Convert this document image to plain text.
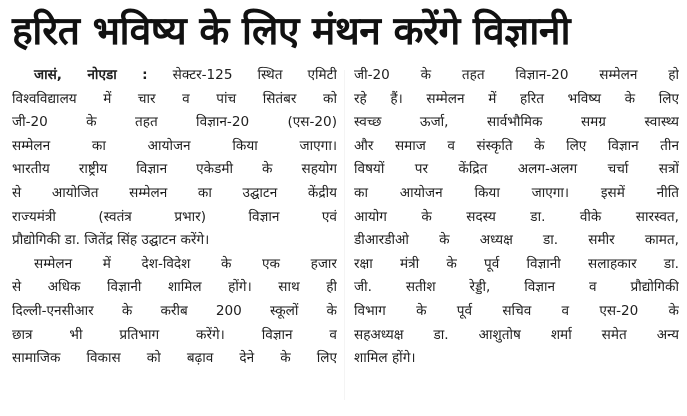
हरित भविष्य के लिए मंथन करेंगे विज्ञानी
जासं, नोएडा : सेक्टर-125 स्थित एमिटी
विश्वविद्यालय में चार व पांच सितंबर को
जी-20 के तहत विज्ञान-20 (एस-20)
सम्मेलन का आयोजन किया जाएगा।
भारतीय राष्ट्रीय विज्ञान एकेडमी के सहयोग
से आयोजित सम्मेलन का उद्घाटन केंद्रीय
राज्यमंत्री (स्वतंत्र प्रभार) विज्ञान एवं
प्रौद्योगिकी डा. जितेंद्र सिंह उद्घाटन करेंगे।
सम्मेलन में देश-विदेश के एक हजार
से अधिक विज्ञानी शामिल होंगे। साथ ही
दिल्ली-एनसीआर के करीब 200 स्कूलों के
छात्र भी प्रतिभाग करेंगे। विज्ञान व
सामाजिक विकास को बढ़ाव देने के लिए
जी-20 के तहत विज्ञान-20 सम्मेलन हो
रहे हैं। सम्मेलन में हरित भविष्य के लिए
स्वच्छ ऊर्जा, सार्वभौमिक समग्र स्वास्थ्य
और समाज व संस्कृति के लिए विज्ञान तीन
विषयों पर केंद्रित अलग-अलग चर्चा सत्रों
का आयोजन किया जाएगा। इसमें नीति
आयोग के सदस्य डा. वीके सारस्वत,
डीआरडीओ के अध्यक्ष डा. समीर कामत,
रक्षा मंत्री के पूर्व विज्ञानी सलाहकार डा.
जी. सतीश रेड्डी, विज्ञान व प्रौद्योगिकी
विभाग के पूर्व सचिव व एस-20 के
सहअध्यक्ष डा. आशुतोष शर्मा समेत अन्य
शामिल होंगे।
